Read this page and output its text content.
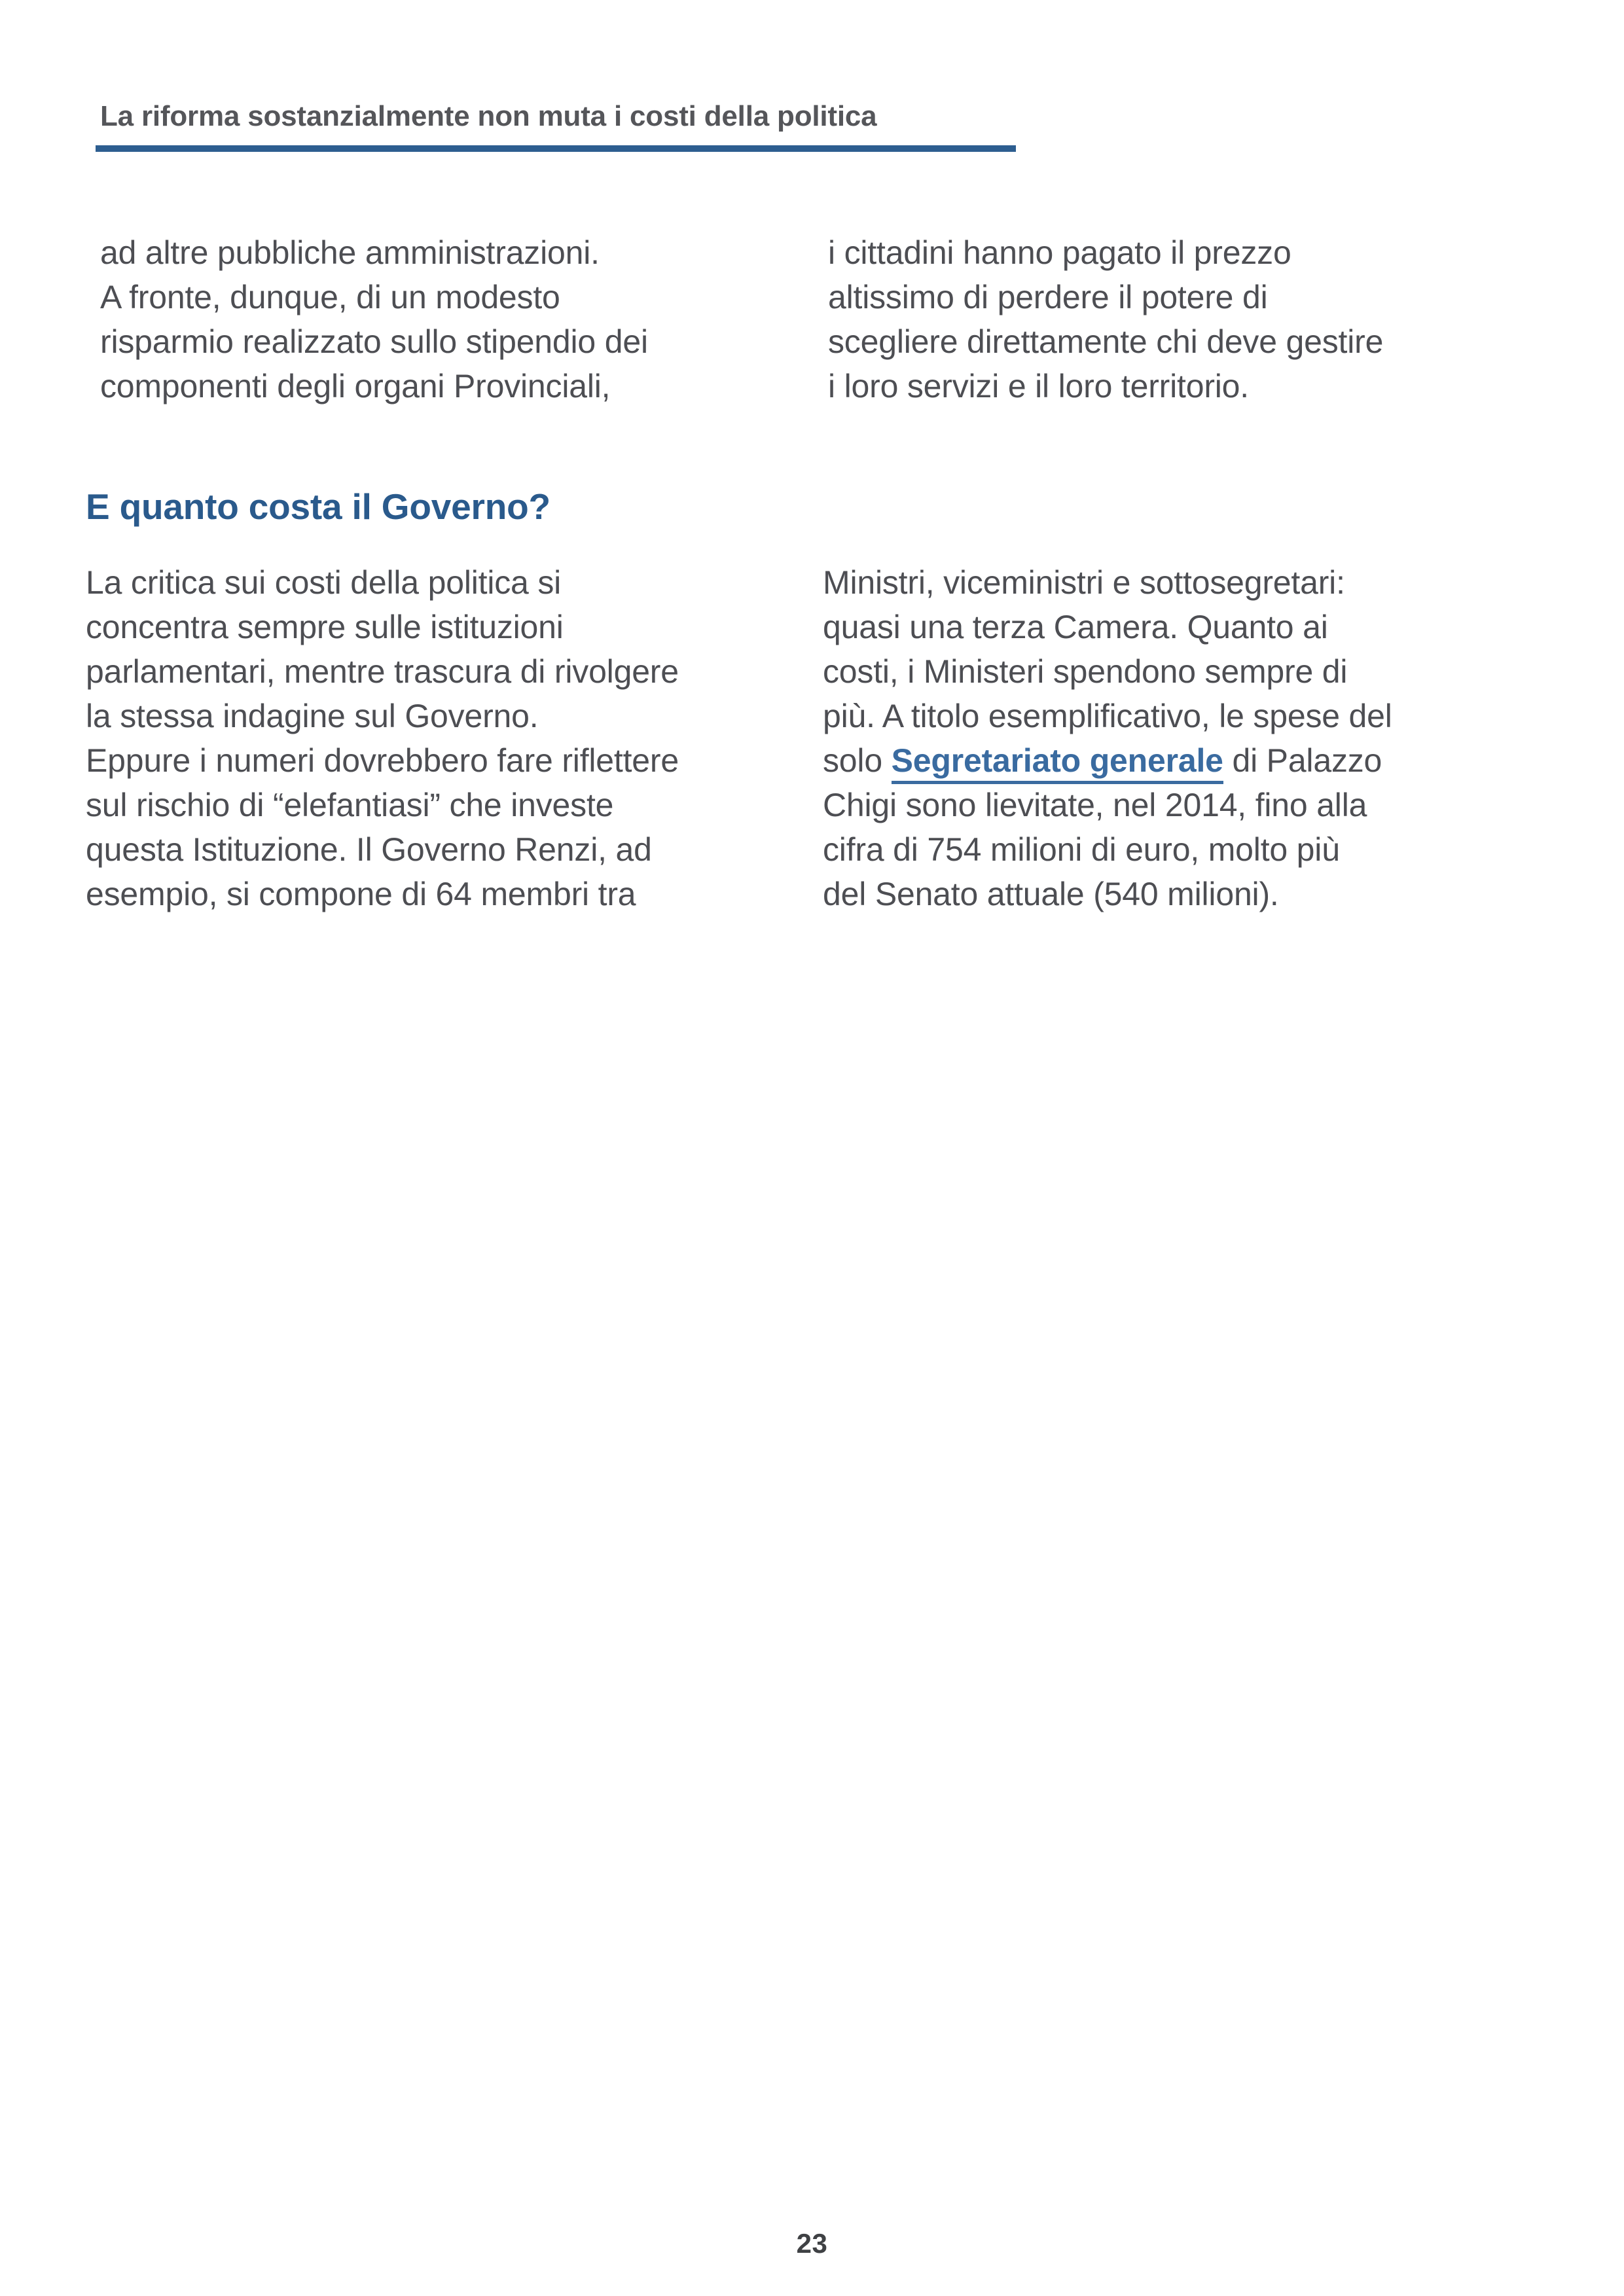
La riforma sostanzialmente non muta i costi della politica
ad altre pubbliche amministrazioni.
A fronte, dunque, di un modesto
risparmio realizzato sullo stipendio dei
componenti degli organi Provinciali,
i cittadini hanno pagato il prezzo
altissimo di perdere il potere di
scegliere direttamente chi deve gestire
i loro servizi e il loro territorio.
E quanto costa il Governo?
La critica sui costi della politica si
concentra sempre sulle istituzioni
parlamentari, mentre trascura di rivolgere
la stessa indagine sul Governo.
Eppure i numeri dovrebbero fare riflettere
sul rischio di “elefantiasi” che investe
questa Istituzione. Il Governo Renzi, ad
esempio, si compone di 64 membri tra
Ministri, viceministri e sottosegretari:
quasi una terza Camera. Quanto ai
costi, i Ministeri spendono sempre di
più. A titolo esemplificativo, le spese del
solo Segretariato generale di Palazzo
Chigi sono lievitate, nel 2014, fino alla
cifra di 754 milioni di euro, molto più
del Senato attuale (540 milioni).
23
